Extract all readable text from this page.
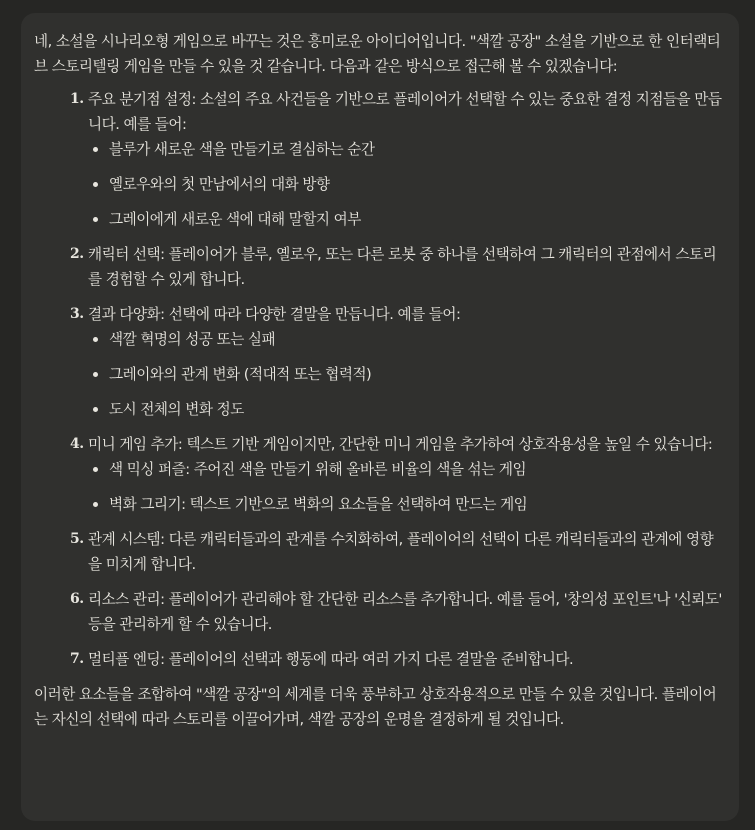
네, 소설을 시나리오형 게임으로 바꾸는 것은 흥미로운 아이디어입니다. "색깔 공장" 소설을 기반으로 한 인터랙티브 스토리텔링 게임을 만들 수 있을 것 같습니다. 다음과 같은 방식으로 접근해 볼 수 있겠습니다:

1. 주요 분기점 설정: 소설의 주요 사건들을 기반으로 플레이어가 선택할 수 있는 중요한 결정 지점들을 만듭니다. 예를 들어:
블루가 새로운 색을 만들기로 결심하는 순간
옐로우와의 첫 만남에서의 대화 방향
그레이에게 새로운 색에 대해 말할지 여부
2. 캐릭터 선택: 플레이어가 블루, 옐로우, 또는 다른 로봇 중 하나를 선택하여 그 캐릭터의 관점에서 스토리를 경험할 수 있게 합니다.
3. 결과 다양화: 선택에 따라 다양한 결말을 만듭니다. 예를 들어:
색깔 혁명의 성공 또는 실패
그레이와의 관계 변화 (적대적 또는 협력적)
도시 전체의 변화 정도
4. 미니 게임 추가: 텍스트 기반 게임이지만, 간단한 미니 게임을 추가하여 상호작용성을 높일 수 있습니다:
색 믹싱 퍼즐: 주어진 색을 만들기 위해 올바른 비율의 색을 섞는 게임
벽화 그리기: 텍스트 기반으로 벽화의 요소들을 선택하여 만드는 게임
5. 관계 시스템: 다른 캐릭터들과의 관계를 수치화하여, 플레이어의 선택이 다른 캐릭터들과의 관계에 영향을 미치게 합니다.
6. 리소스 관리: 플레이어가 관리해야 할 간단한 리소스를 추가합니다. 예를 들어, '창의성 포인트'나 '신뢰도' 등을 관리하게 할 수 있습니다.
7. 멀티플 엔딩: 플레이어의 선택과 행동에 따라 여러 가지 다른 결말을 준비합니다.

이러한 요소들을 조합하여 "색깔 공장"의 세계를 더욱 풍부하고 상호작용적으로 만들 수 있을 것입니다. 플레이어는 자신의 선택에 따라 스토리를 이끌어가며, 색깔 공장의 운명을 결정하게 될 것입니다.
